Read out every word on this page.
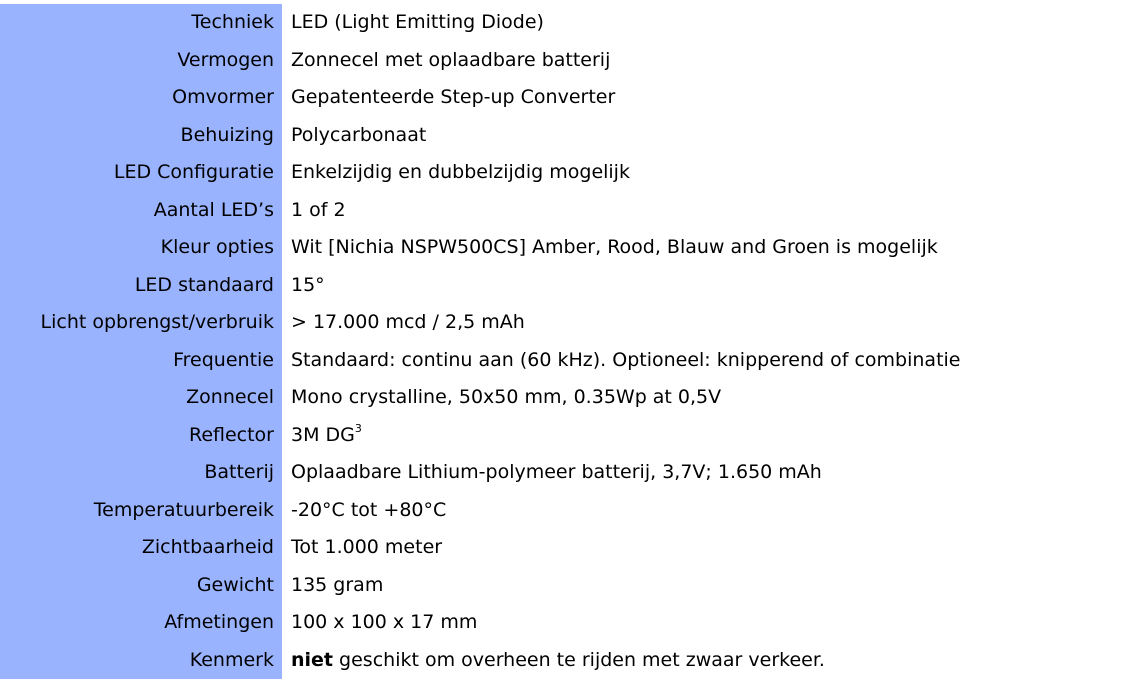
Techniek	LED (Light Emitting Diode)
Vermogen	Zonnecel met oplaadbare batterij
Omvormer	Gepatenteerde Step-up Converter
Behuizing	Polycarbonaat
LED Configuratie	Enkelzijdig en dubbelzijdig mogelijk
Aantal LED’s	1 of 2
Kleur opties	Wit [Nichia NSPW500CS] Amber, Rood, Blauw and Groen is mogelijk
LED standaard	15°
Licht opbrengst/verbruik	> 17.000 mcd / 2,5 mAh
Frequentie	Standaard: continu aan (60 kHz). Optioneel: knipperend of combinatie
Zonnecel	Mono crystalline, 50x50 mm, 0.35Wp at 0,5V
Reflector	3M $DG^3$
Batterij	Oplaadbare Lithium-polymeer batterij, 3,7V; 1.650 mAh
Temperatuurbereik	-20°C tot +80°C
Zichtbaarheid	Tot 1.000 meter
Gewicht	135 gram
Afmetingen	100 x 100 x 17 mm
Kenmerk	niet geschikt om overheen te rijden met zwaar verkeer.
